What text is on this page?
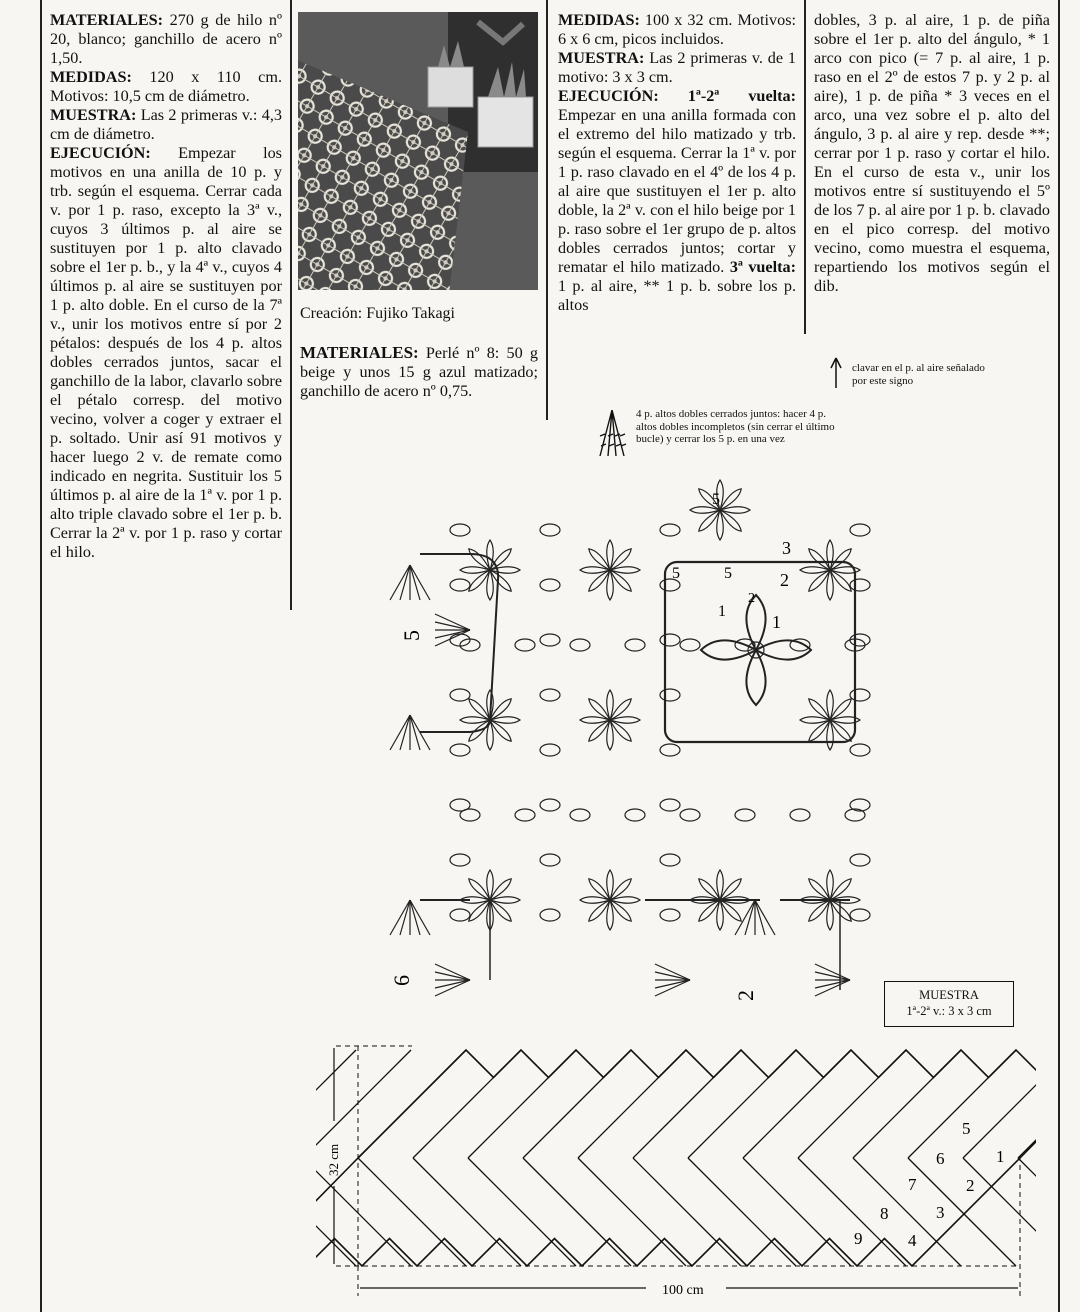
MATERIALES: 270 g de hilo nº 20, blanco; ganchillo de acero nº 1,50.

MEDIDAS: 120 x 110 cm. Motivos: 10,5 cm de diámetro.

MUESTRA: Las 2 primeras v.: 4,3 cm de diámetro.

EJECUCIÓN: Empezar los motivos en una anilla de 10 p. y trb. según el esquema. Cerrar cada v. por 1 p. raso, excepto la 3ª v., cuyos 3 últimos p. al aire se sustituyen por 1 p. alto clavado sobre el 1er p. b., y la 4ª v., cuyos 4 últimos p. al aire se sustituyen por 1 p. alto doble. En el curso de la 7ª v., unir los motivos entre sí por 2 pétalos: después de los 4 p. altos dobles cerrados juntos, sacar el ganchillo de la labor, clavarlo sobre el pétalo corresp. del motivo vecino, volver a coger y extraer el p. soltado. Unir así 91 motivos y hacer luego 2 v. de remate como indicado en negrita. Sustituir los 5 últimos p. al aire de la 1ª v. por 1 p. alto triple clavado sobre el 1er p. b. Cerrar la 2ª v. por 1 p. raso y cortar el hilo.

Creación: Fujiko Takagi

MATERIALES: Perlé nº 8: 50 g beige y unos 15 g azul matizado; ganchillo de acero nº 0,75.

MEDIDAS: 100 x 32 cm. Motivos: 6 x 6 cm, picos incluidos.

MUESTRA: Las 2 primeras v. de 1 motivo: 3 x 3 cm.

EJECUCIÓN: 1ª-2ª vuelta: Empezar en una anilla formada con el extremo del hilo matizado y trb. según el esquema. Cerrar la 1ª v. por 1 p. raso clavado en el 4º de los 4 p. al aire que sustituyen el 1er p. alto doble, la 2ª v. con el hilo beige por 1 p. raso sobre el 1er grupo de p. altos dobles cerrados juntos; cortar y rematar el hilo matizado. 3ª vuelta: 1 p. al aire, ** 1 p. b. sobre los p. altos

dobles, 3 p. al aire, 1 p. de piña sobre el 1er p. alto del ángulo, * 1 arco con pico (= 7 p. al aire, 1 p. raso en el 2º de estos 7 p. y 2 p. al aire), 1 p. de piña * 3 veces en el arco, una vez sobre el p. alto del ángulo, 3 p. al aire y rep. desde **; cerrar por 1 p. raso y cortar el hilo. En el curso de esta v., unir los motivos entre sí sustituyendo el 5º de los 7 p. al aire por 1 p. b. clavado en el pico corresp. del motivo vecino, como muestra el esquema, repartiendo los motivos según el dib.

clavar en el p. al aire señalado por este signo
4 p. altos dobles cerrados juntos: hacer 4 p. altos dobles incompletos (sin cerrar el último bucle) y cerrar los 5 p. en una vez
5
6
2
5
3
5	5	2
1
1
2
MUESTRA
1ª-2ª v.: 3 x 3 cm
32 cm
100 cm
1
2
3
4
5
6
7
8
9
